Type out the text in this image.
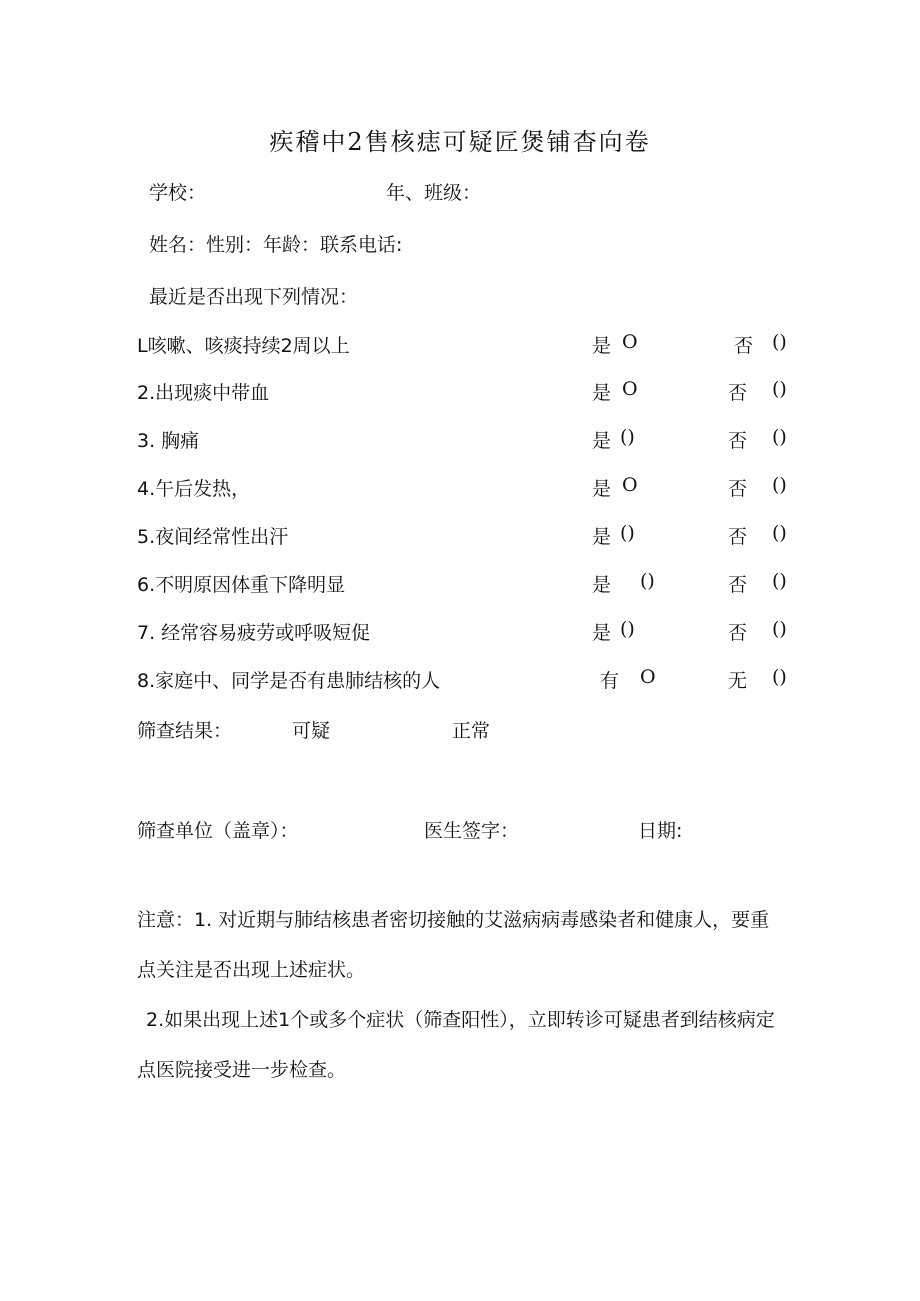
疾稽中2售核痣可疑匠煲铺杳向卷
学校：	年、班级：
姓名：性别：年龄：联系电话:
最近是否出现下列情况：
L咳嗽、咳痰持续2周以上	是 O	否 ()
2.出现痰中带血	是 O	否 ()
3. 胸痛	是 ()	否 ()
4.午后发热，	是 O	否 ()
5.夜间经常性出汗	是 ()	否 ()
6.不明原因体重下降明显	是 ()	否 ()
7. 经常容易疲劳或呼吸短促	是 ()	否 ()
8.家庭中、同学是否有患肺结核的人	有 O	无 ()
筛查结果：	可疑	正常
筛查单位（盖章）：	医生签字：	日期:
注意：1. 对近期与肺结核患者密切接触的艾滋病病毒感染者和健康人，要重点关注是否出现上述症状。
2.如果出现上述1个或多个症状（筛查阳性），立即转诊可疑患者到结核病定点医院接受进一步检查。
